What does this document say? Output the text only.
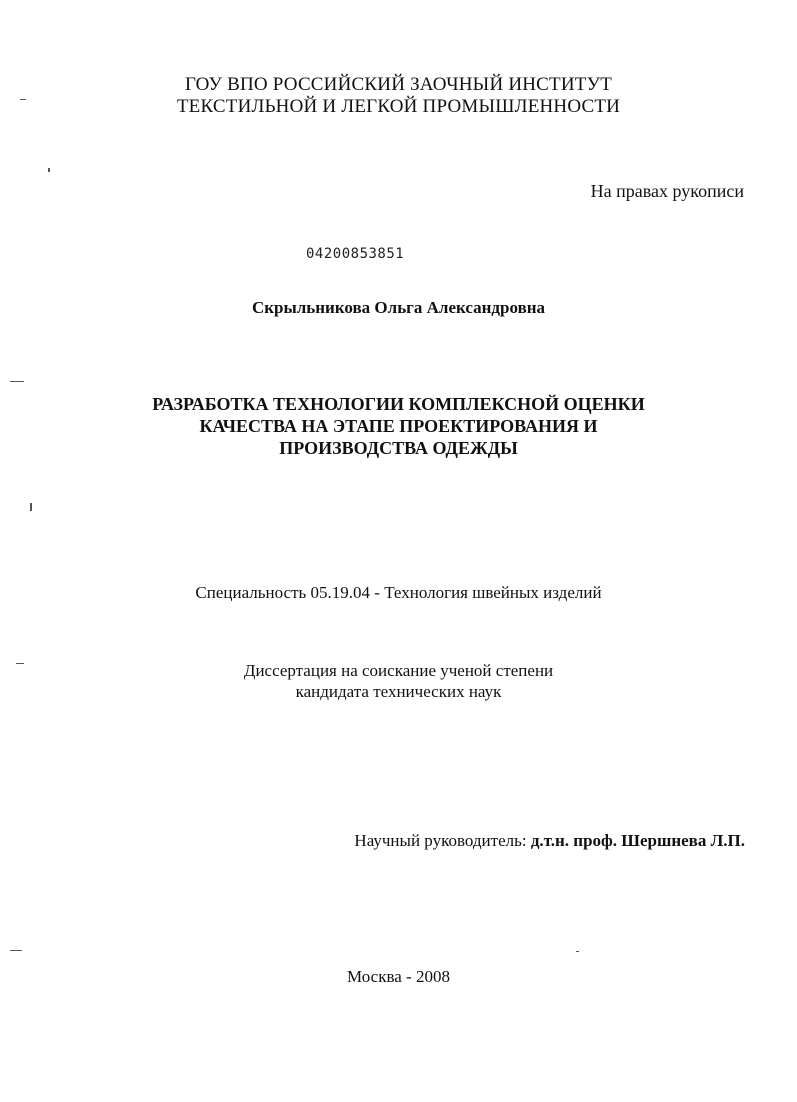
ГОУ ВПО РОССИЙСКИЙ ЗАОЧНЫЙ ИНСТИТУТ
ТЕКСТИЛЬНОЙ И ЛЕГКОЙ ПРОМЫШЛЕННОСТИ
На правах рукописи
04200853851
Скрыльникова Ольга Александровна
РАЗРАБОТКА ТЕХНОЛОГИИ КОМПЛЕКСНОЙ ОЦЕНКИ
КАЧЕСТВА НА ЭТАПЕ ПРОЕКТИРОВАНИЯ И
ПРОИЗВОДСТВА ОДЕЖДЫ
Специальность 05.19.04 - Технология швейных изделий
Диссертация на соискание ученой степени
кандидата технических наук
Научный руководитель: д.т.н. проф. Шершнева Л.П.
Москва - 2008
